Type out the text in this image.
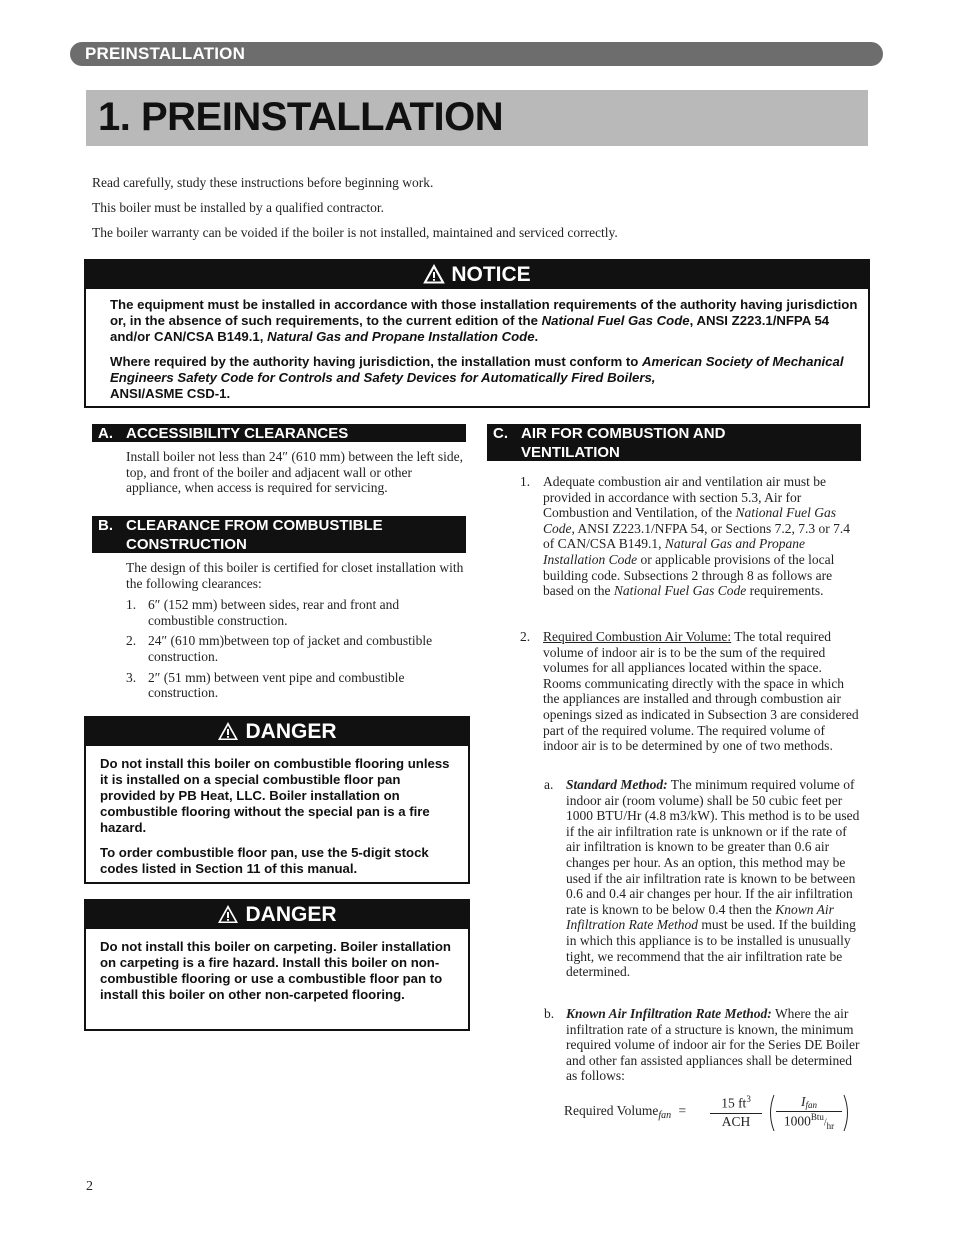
PREINSTALLATION
1. PREINSTALLATION

Read carefully, study these instructions before beginning work.

This boiler must be installed by a qualified contractor.

The boiler warranty can be voided if the boiler is not installed, maintained and serviced correctly.

NOTICE

The equipment must be installed in accordance with those installation requirements of the authority having jurisdiction or, in the absence of such requirements, to the current edition of the National Fuel Gas Code, ANSI Z223.1/NFPA 54 and/or CAN/CSA B149.1, Natural Gas and Propane Installation Code.

Where required by the authority having jurisdiction, the installation must conform to American Society of Mechanical Engineers Safety Code for Controls and Safety Devices for Automatically Fired Boilers,
ANSI/ASME CSD-1.

A. ACCESSIBILITY CLEARANCES

Install boiler not less than 24″ (610 mm) between the left side, top, and front of the boiler and adjacent wall or other appliance, when access is required for servicing.

B. CLEARANCE FROM COMBUSTIBLE
CONSTRUCTION

The design of this boiler is certified for closet installation with the following clearances:

1. 6″ (152 mm) between sides, rear and front and combustible construction.
2. 24″ (610 mm)between top of jacket and combustible construction.
3. 2″ (51 mm) between vent pipe and combustible construction.
DANGER

Do not install this boiler on combustible flooring unless it is installed on a special combustible floor pan provided by PB Heat, LLC. Boiler installation on combustible flooring without the special pan is a fire hazard.

To order combustible floor pan, use the 5-digit stock codes listed in Section 11 of this manual.

DANGER

Do not install this boiler on carpeting. Boiler installation on carpeting is a fire hazard. Install this boiler on non-combustible flooring or use a combustible floor pan to install this boiler on other non-carpeted flooring.

C. AIR FOR COMBUSTION AND
VENTILATION
1. Adequate combustion air and ventilation air must be provided in accordance with section 5.3, Air for Combustion and Ventilation, of the National Fuel Gas Code, ANSI Z223.1/NFPA 54, or Sections 7.2, 7.3 or 7.4 of CAN/CSA B149.1, Natural Gas and Propane Installation Code or applicable provisions of the local building code. Subsections 2 through 8 as follows are based on the National Fuel Gas Code requirements.

2. Required Combustion Air Volume: The total required volume of indoor air is to be the sum of the required volumes for all appliances located within the space. Rooms communicating directly with the space in which the appliances are installed and through combustion air openings sized as indicated in Subsection 3 are considered part of the required volume. The required volume of indoor air is to be determined by one of two methods.

a. Standard Method: The minimum required volume of indoor air (room volume) shall be 50 cubic feet per 1000 BTU/Hr (4.8 m3/kW). This method is to be used if the air infiltration rate is unknown or if the rate of air infiltration is known to be greater than 0.6 air changes per hour. As an option, this method may be used if the air infiltration rate is known to be between 0.6 and 0.4 air changes per hour. If the air infiltration rate is known to be below 0.4 then the Known Air Infiltration Rate Method must be used. If the building in which this appliance is to be installed is unusually tight, we recommend that the air infiltration rate be determined.

b. Known Air Infiltration Rate Method: Where the air infiltration rate of a structure is known, the minimum required volume of indoor air for the Series DE Boiler and other fan assisted appliances shall be determined as follows:

Required Volume$_{fan}$ =	15 $ft^3$
ACH
Ifan
$1000^{Btu}/_{hr}$
2
